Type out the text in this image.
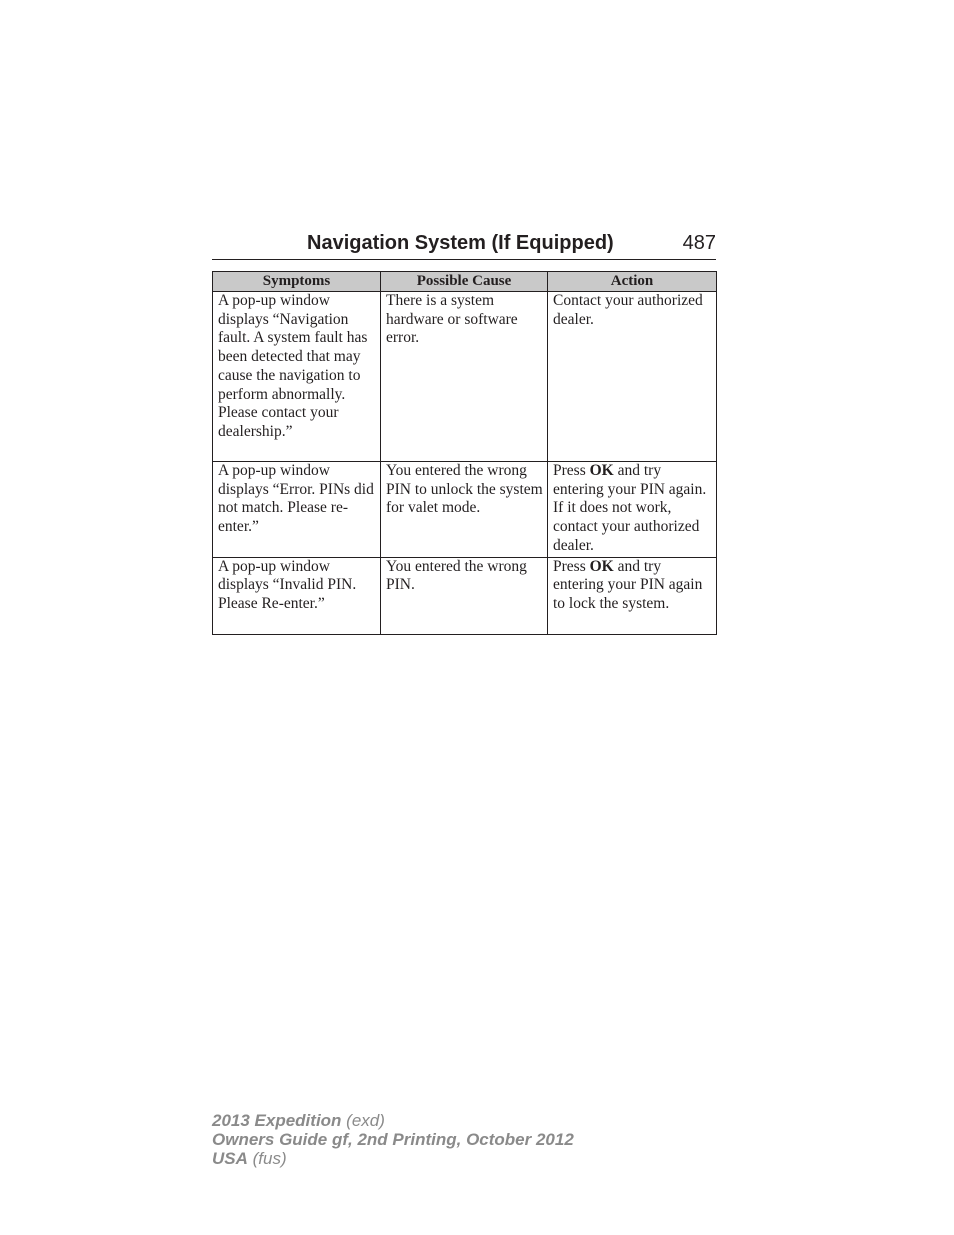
Navigation System (If Equipped)	487
Symptoms	Possible Cause	Action
A pop-up window displays “Navigation fault. A system fault has been detected that may cause the navigation to perform abnormally. Please contact your dealership.”	There is a system hardware or software error.	Contact your authorized dealer.
A pop-up window displays “Error. PINs did not match. Please re-enter.”	You entered the wrong PIN to unlock the system for valet mode.	Press OK and try entering your PIN again. If it does not work, contact your authorized dealer.
A pop-up window displays “Invalid PIN. Please Re-enter.”	You entered the wrong PIN.	Press OK and try entering your PIN again to lock the system.
2013 Expedition (exd)
Owners Guide gf, 2nd Printing, October 2012
USA (fus)
